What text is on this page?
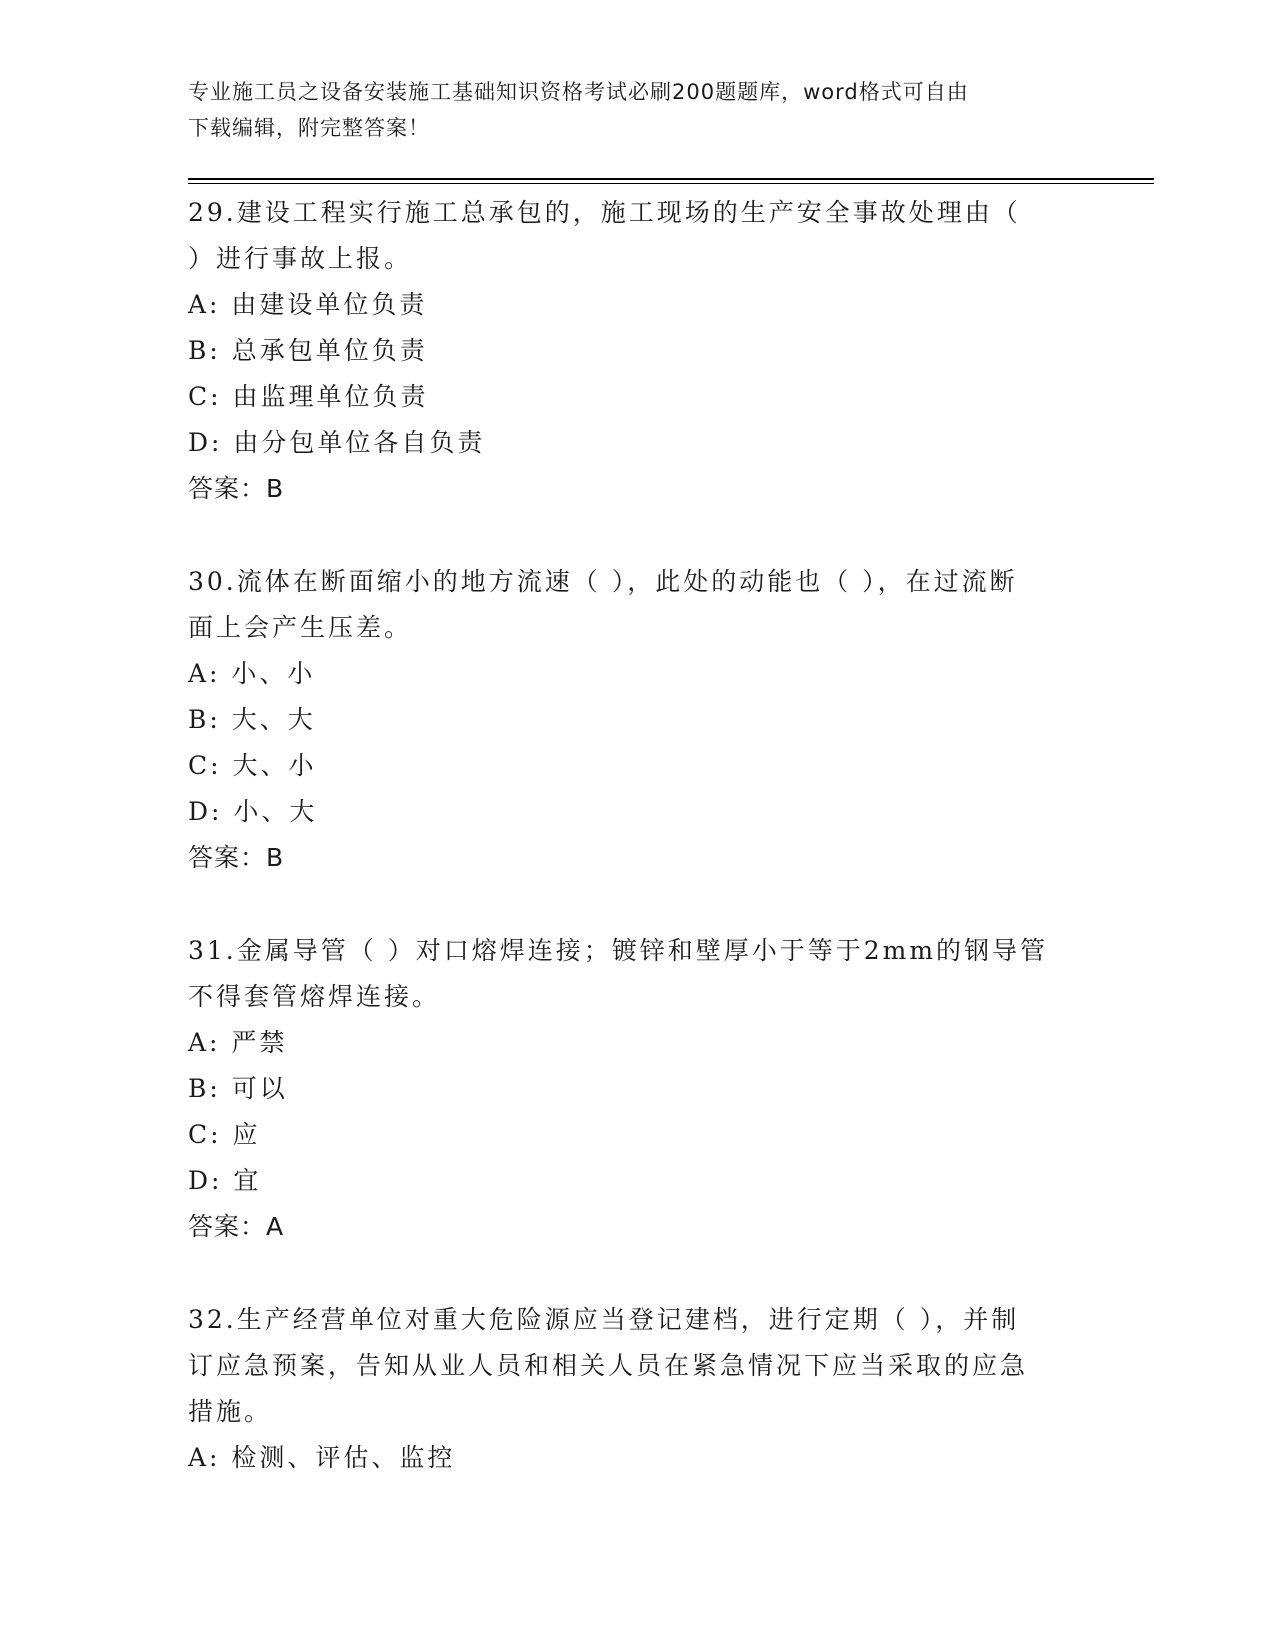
专业施工员之设备安装施工基础知识资格考试必刷200题题库，word格式可自由
下载编辑，附完整答案！
29.建设工程实行施工总承包的，施工现场的生产安全事故处理由（
）进行事故上报。
A: 由建设单位负责
B: 总承包单位负责
C: 由监理单位负责
D: 由分包单位各自负责
答案：B
30.流体在断面缩小的地方流速（ ），此处的动能也（ ），在过流断
面上会产生压差。
A: 小、小
B: 大、大
C: 大、小
D: 小、大
答案：B
31.金属导管（ ）对口熔焊连接；镀锌和壁厚小于等于2mm的钢导管
不得套管熔焊连接。
A: 严禁
B: 可以
C: 应
D: 宜
答案：A
32.生产经营单位对重大危险源应当登记建档，进行定期（ ），并制
订应急预案，告知从业人员和相关人员在紧急情况下应当采取的应急
措施。
A: 检测、评估、监控
